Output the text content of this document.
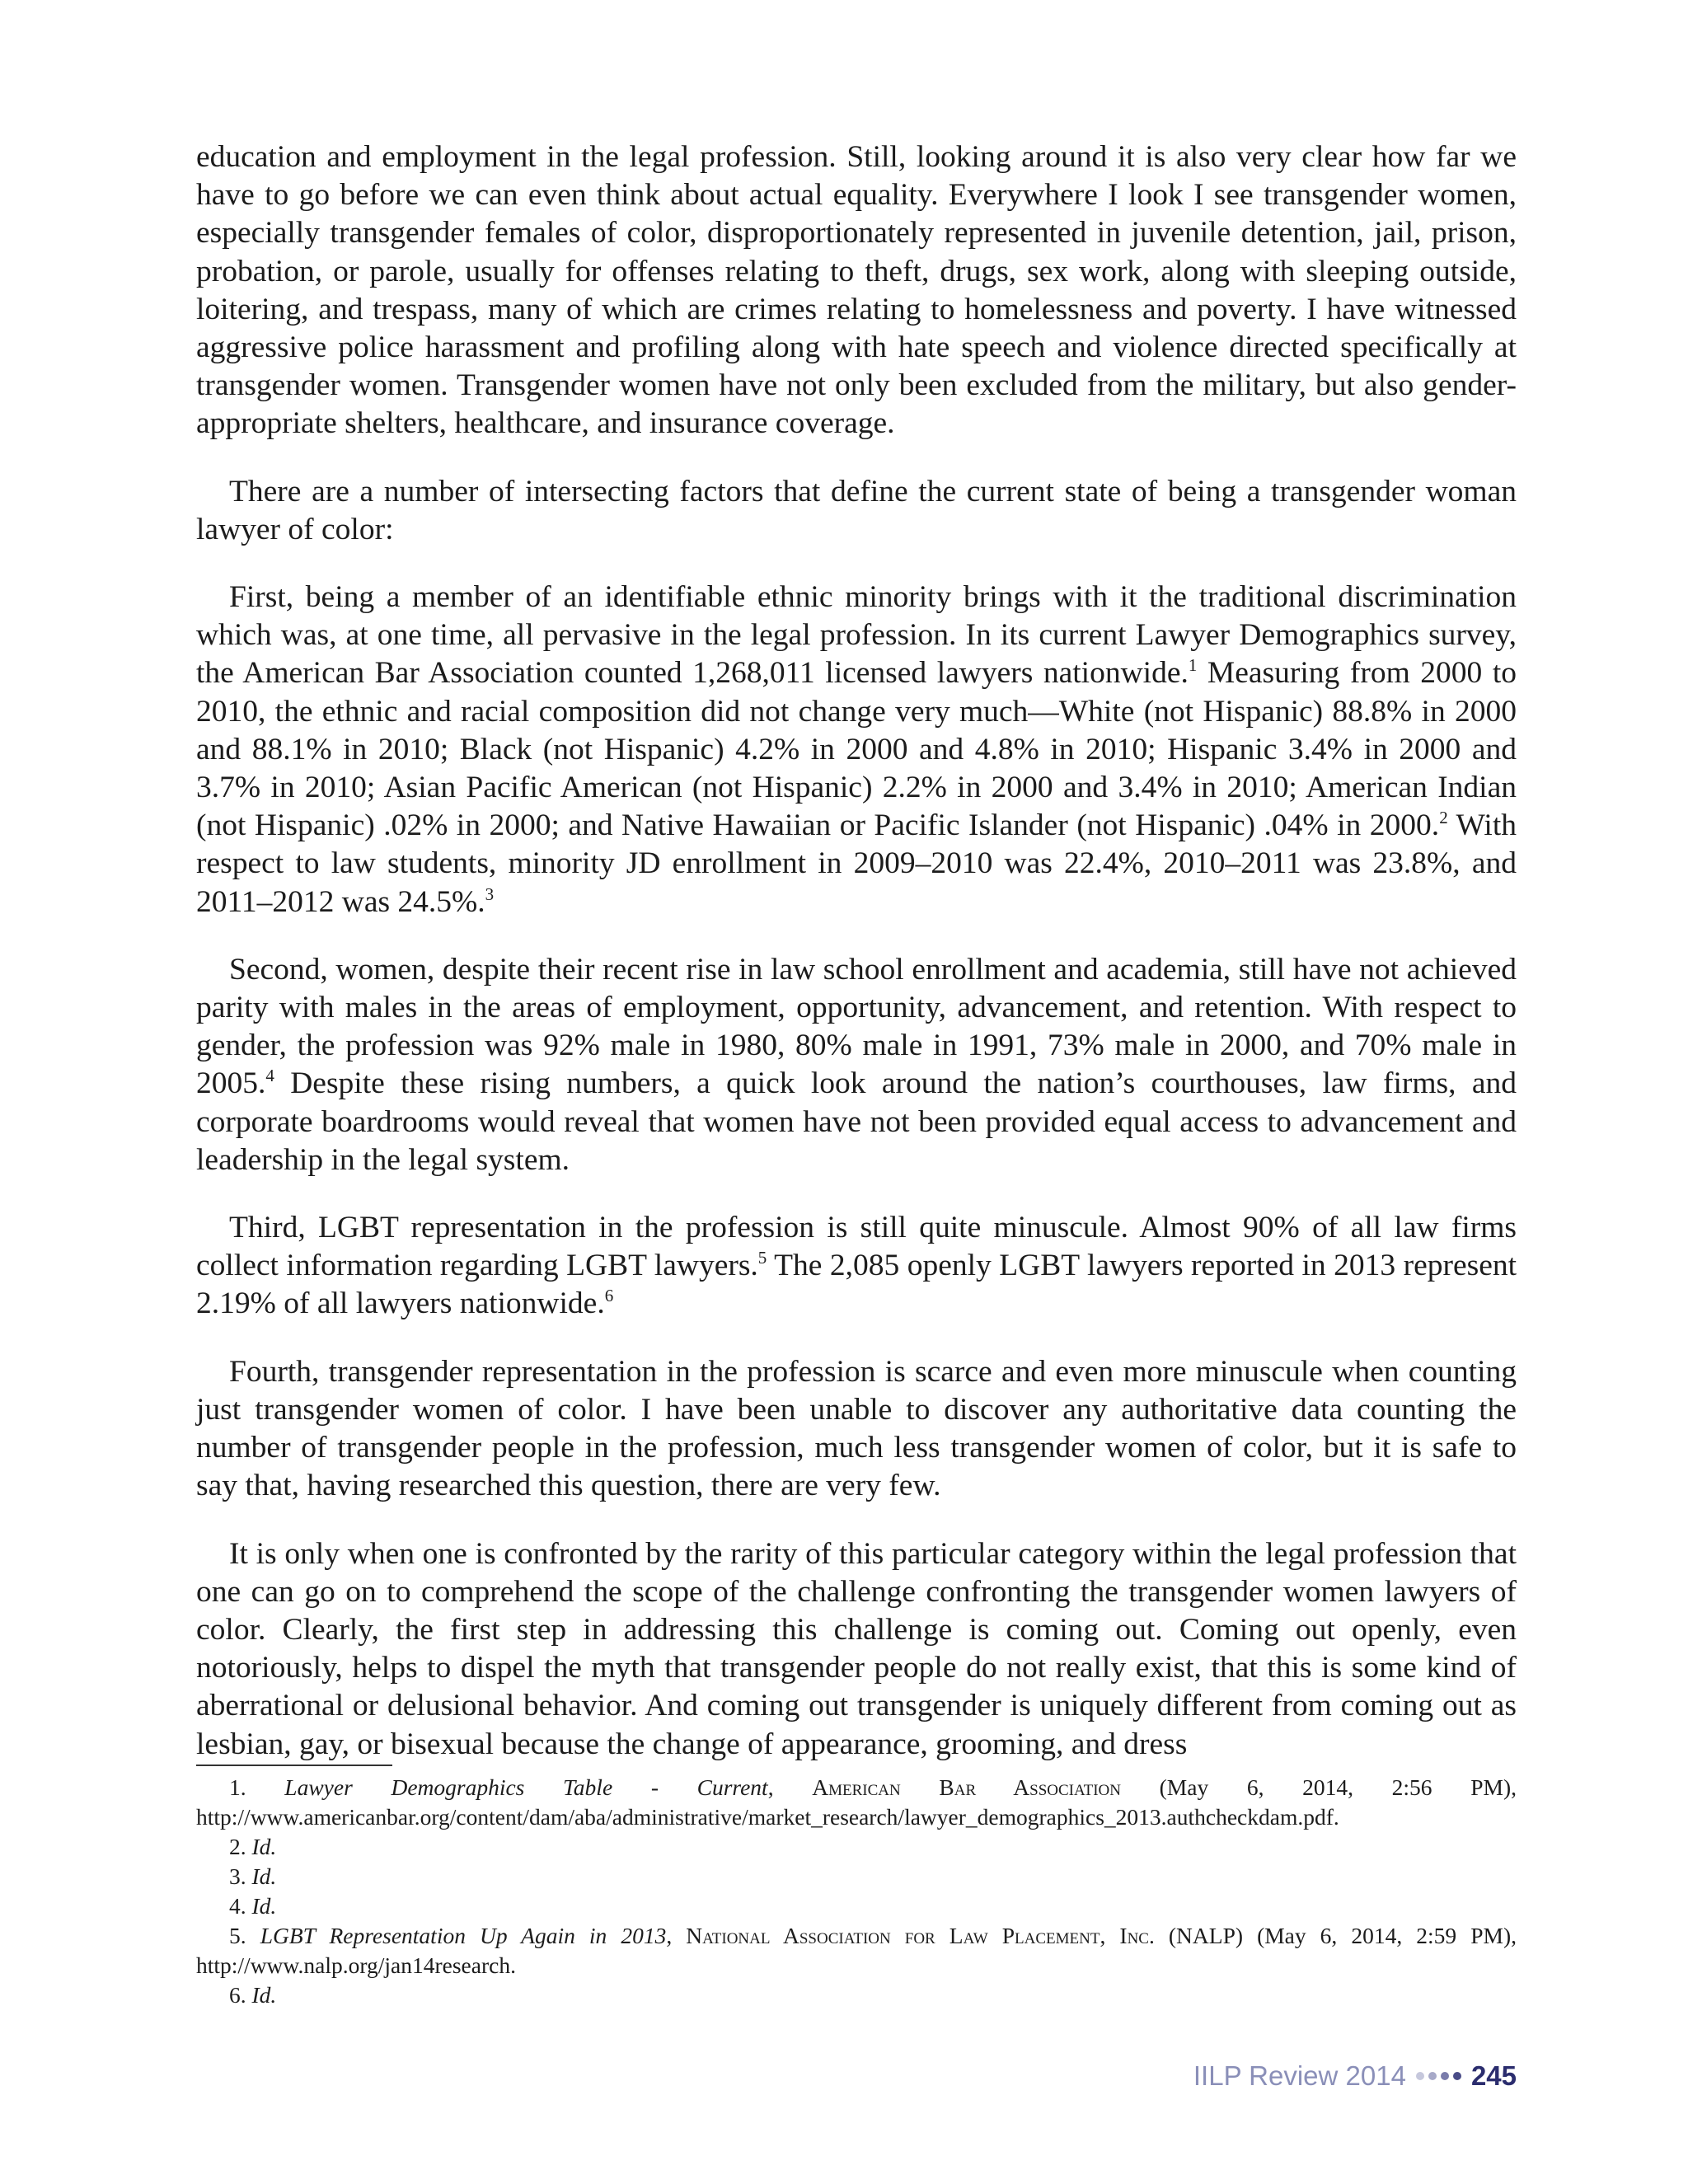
education and employment in the legal profession. Still, looking around it is also very clear how far we have to go before we can even think about actual equality. Everywhere I look I see transgender women, especially transgender females of color, disproportionately represented in juvenile detention, jail, prison, probation, or parole, usually for offenses relating to theft, drugs, sex work, along with sleeping outside, loitering, and trespass, many of which are crimes relating to homelessness and poverty. I have witnessed aggressive police harassment and profiling along with hate speech and violence directed specifically at transgender women. Transgender women have not only been excluded from the military, but also gender-appropriate shelters, healthcare, and insurance coverage.

There are a number of intersecting factors that define the current state of being a transgender woman lawyer of color:

First, being a member of an identifiable ethnic minority brings with it the traditional discrimination which was, at one time, all pervasive in the legal profession. In its current Lawyer Demographics survey, the American Bar Association counted 1,268,011 licensed lawyers nationwide.$^1$ Measuring from 2000 to 2010, the ethnic and racial composition did not change very much—White (not Hispanic) 88.8% in 2000 and 88.1% in 2010; Black (not Hispanic) 4.2% in 2000 and 4.8% in 2010; Hispanic 3.4% in 2000 and 3.7% in 2010; Asian Pacific American (not Hispanic) 2.2% in 2000 and 3.4% in 2010; American Indian (not Hispanic) .02% in 2000; and Native Hawaiian or Pacific Islander (not Hispanic) .04% in 2000.$^2$ With respect to law students, minority JD enrollment in 2009–2010 was 22.4%, 2010–2011 was 23.8%, and 2011–2012 was 24.5%.$^3$

Second, women, despite their recent rise in law school enrollment and academia, still have not achieved parity with males in the areas of employment, opportunity, advancement, and retention. With respect to gender, the profession was 92% male in 1980, 80% male in 1991, 73% male in 2000, and 70% male in 2005.$^4$ Despite these rising numbers, a quick look around the nation’s courthouses, law firms, and corporate boardrooms would reveal that women have not been provided equal access to advancement and leadership in the legal system.

Third, LGBT representation in the profession is still quite minuscule. Almost 90% of all law firms collect information regarding LGBT lawyers.$^5$ The 2,085 openly LGBT lawyers reported in 2013 represent 2.19% of all lawyers nationwide.$^6$

Fourth, transgender representation in the profession is scarce and even more minuscule when counting just transgender women of color. I have been unable to discover any authoritative data counting the number of transgender people in the profession, much less transgender women of color, but it is safe to say that, having researched this question, there are very few.

It is only when one is confronted by the rarity of this particular category within the legal profession that one can go on to comprehend the scope of the challenge confronting the transgender women lawyers of color. Clearly, the first step in addressing this challenge is coming out. Coming out openly, even notoriously, helps to dispel the myth that transgender people do not really exist, that this is some kind of aberrational or delusional behavior. And coming out transgender is uniquely different from coming out as lesbian, gay, or bisexual because the change of appearance, grooming, and dress

1. Lawyer Demographics Table - Current, American Bar Association (May 6, 2014, 2:56 PM), http://www.americanbar.org/content/dam/aba/administrative/market_research/lawyer_demographics_2013.authcheckdam.pdf.

2. Id.

3. Id.

4. Id.

5. LGBT Representation Up Again in 2013, National Association for Law Placement, Inc. (NALP) (May 6, 2014, 2:59 PM), http://www.nalp.org/jan14research.

6. Id.

IILP Review 2014 245
